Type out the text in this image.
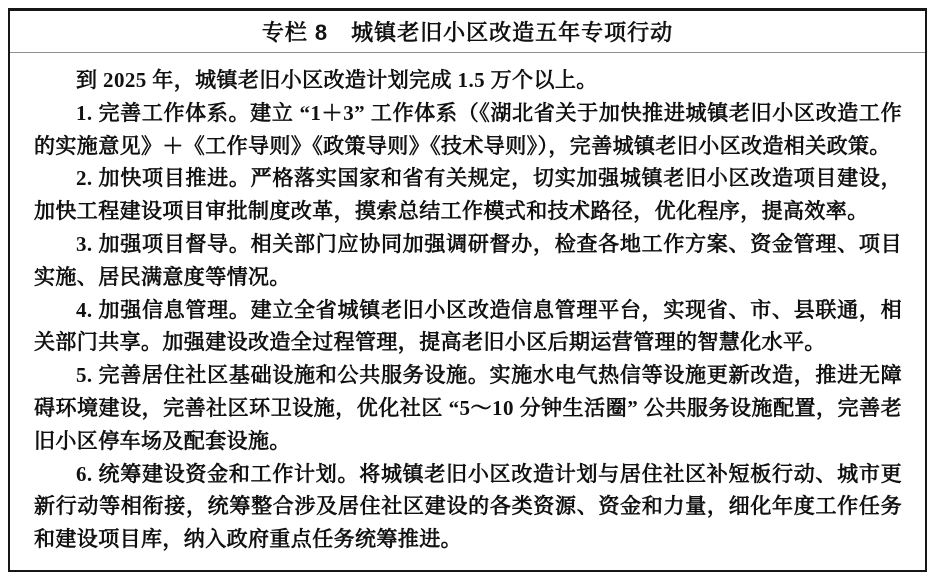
专栏 8　城镇老旧小区改造五年专项行动

到 2025 年，城镇老旧小区改造计划完成 1.5 万个以上。

1. 完善工作体系。建立 “1＋3” 工作体系（《湖北省关于加快推进城镇老旧小区改造工作的实施意见》＋《工作导则》《政策导则》《技术导则》），完善城镇老旧小区改造相关政策。

2. 加快项目推进。严格落实国家和省有关规定，切实加强城镇老旧小区改造项目建设，加快工程建设项目审批制度改革，摸索总结工作模式和技术路径，优化程序，提高效率。

3. 加强项目督导。相关部门应协同加强调研督办，检查各地工作方案、资金管理、项目实施、居民满意度等情况。

4. 加强信息管理。建立全省城镇老旧小区改造信息管理平台，实现省、市、县联通，相关部门共享。加强建设改造全过程管理，提高老旧小区后期运营管理的智慧化水平。

5. 完善居住社区基础设施和公共服务设施。实施水电气热信等设施更新改造，推进无障碍环境建设，完善社区环卫设施，优化社区 “5～10 分钟生活圈” 公共服务设施配置，完善老旧小区停车场及配套设施。

6. 统筹建设资金和工作计划。将城镇老旧小区改造计划与居住社区补短板行动、城市更新行动等相衔接，统筹整合涉及居住社区建设的各类资源、资金和力量，细化年度工作任务和建设项目库，纳入政府重点任务统筹推进。
